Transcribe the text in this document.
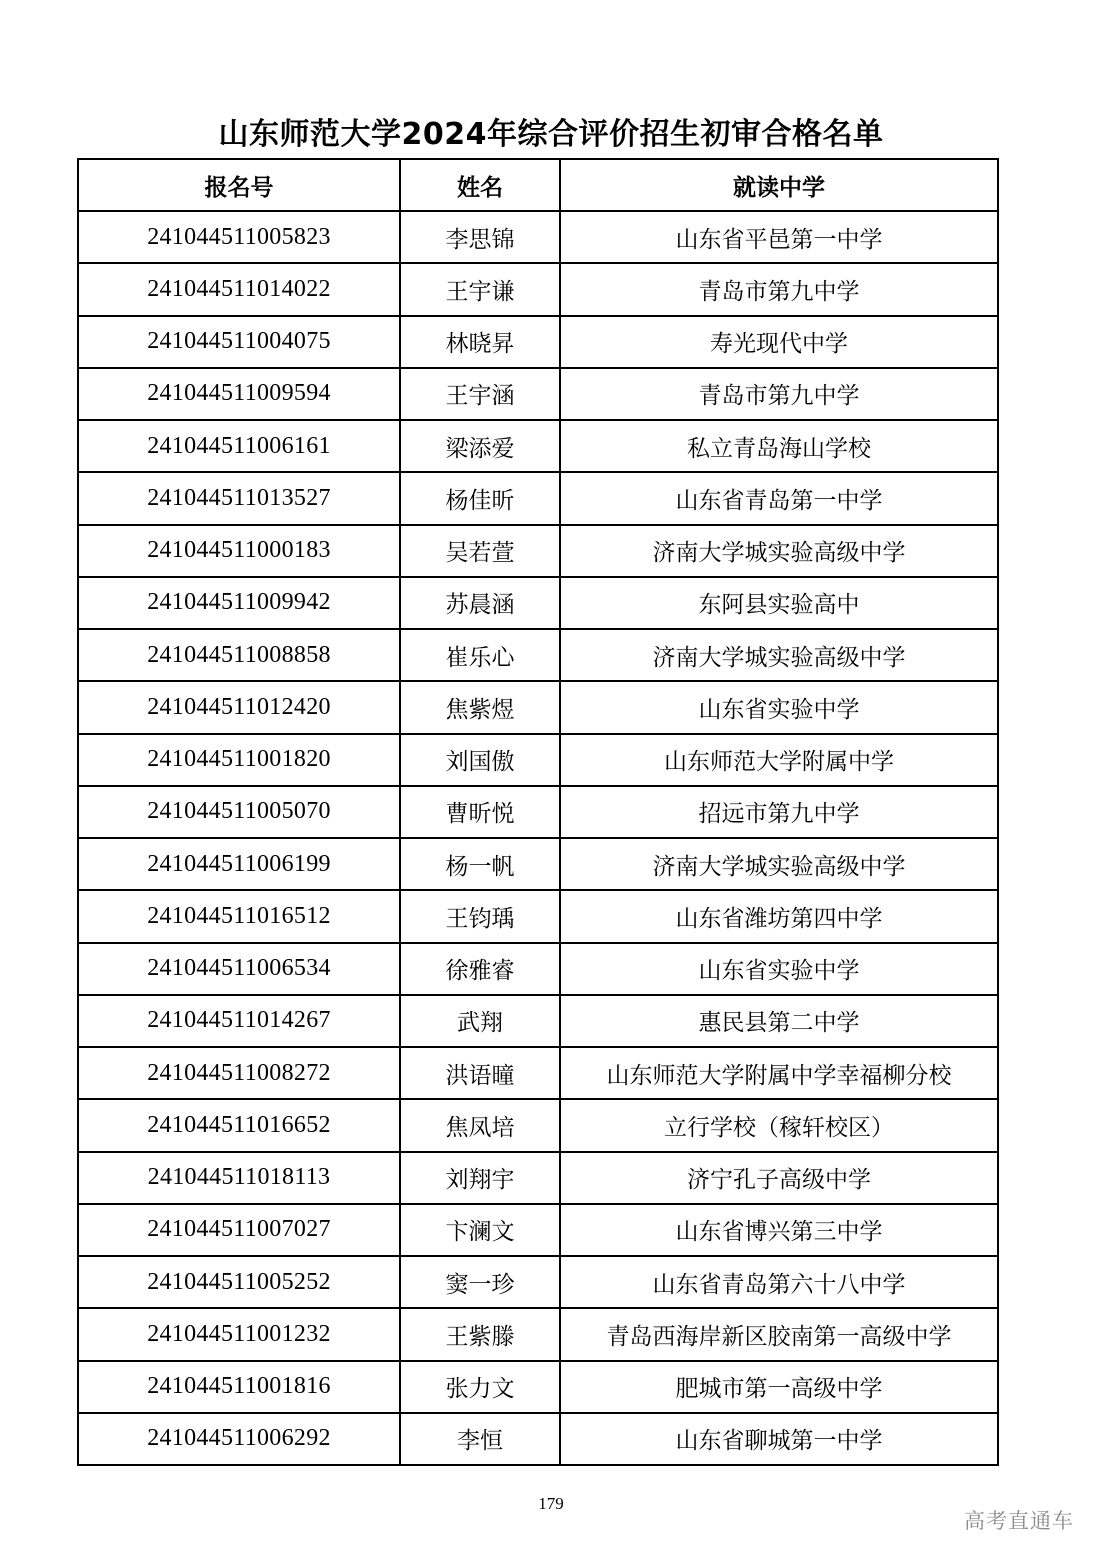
山东师范大学2024年综合评价招生初审合格名单
报名号	姓名	就读中学
241044511005823	李思锦	山东省平邑第一中学
241044511014022	王宇谦	青岛市第九中学
241044511004075	林晓昇	寿光现代中学
241044511009594	王宇涵	青岛市第九中学
241044511006161	梁添爱	私立青岛海山学校
241044511013527	杨佳昕	山东省青岛第一中学
241044511000183	吴若萱	济南大学城实验高级中学
241044511009942	苏晨涵	东阿县实验高中
241044511008858	崔乐心	济南大学城实验高级中学
241044511012420	焦紫煜	山东省实验中学
241044511001820	刘国傲	山东师范大学附属中学
241044511005070	曹昕悦	招远市第九中学
241044511006199	杨一帆	济南大学城实验高级中学
241044511016512	王钧瑀	山东省潍坊第四中学
241044511006534	徐雅睿	山东省实验中学
241044511014267	武翔	惠民县第二中学
241044511008272	洪语曈	山东师范大学附属中学幸福柳分校
241044511016652	焦凤培	立行学校（稼轩校区）
241044511018113	刘翔宇	济宁孔子高级中学
241044511007027	卞澜文	山东省博兴第三中学
241044511005252	窦一珍	山东省青岛第六十八中学
241044511001232	王紫滕	青岛西海岸新区胶南第一高级中学
241044511001816	张力文	肥城市第一高级中学
241044511006292	李恒	山东省聊城第一中学
179
高考直通车
